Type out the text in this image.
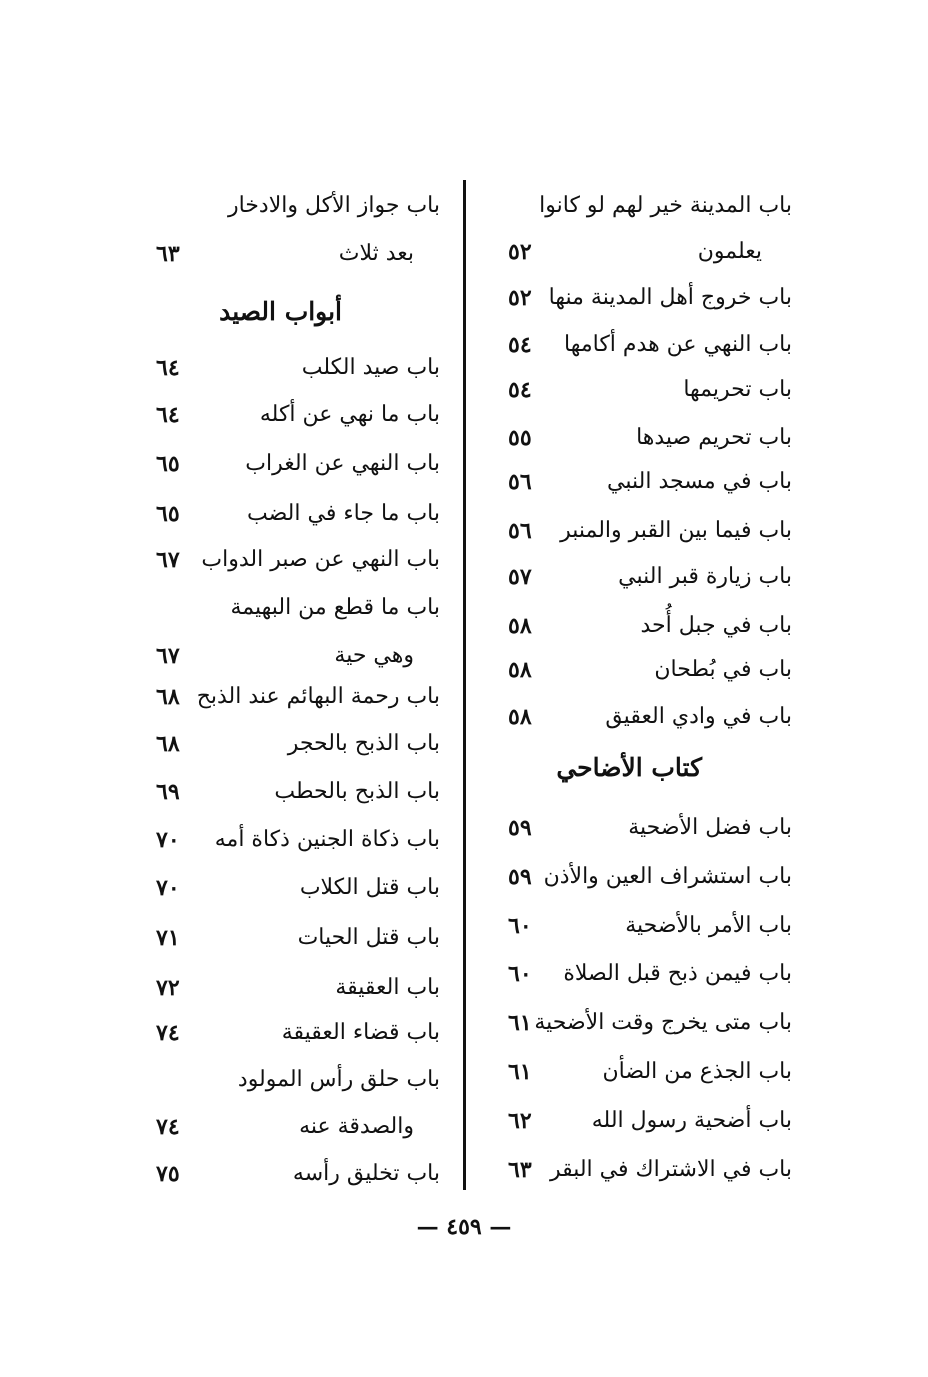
باب المدينة خير لهم لو كانوا
يعلمون
٥٢
باب خروج أهل المدينة منها
٥٢
باب النهي عن هدم أكامها
٥٤
باب تحريمها
٥٤
باب تحريم صيدها
٥٥
باب في مسجد النبي
٥٦
باب فيما بين القبر والمنبر
٥٦
باب زيارة قبر النبي
٥٧
باب في جبل أُحد
٥٨
باب في بُطحان
٥٨
باب في وادي العقيق
٥٨
كتاب الأضاحي
باب فضل الأضحية
٥٩
باب استشراف العين والأذن
٥٩
باب الأمر بالأضحية
٦٠
باب فيمن ذبح قبل الصلاة
٦٠
باب متى يخرج وقت الأضحية
٦١
باب الجذع من الضأن
٦١
باب أضحية رسول الله
٦٢
باب في الاشتراك في البقر
٦٣
باب جواز الأكل والادخار
بعد ثلاث
٦٣
أبواب الصيد
باب صيد الكلب
٦٤
باب ما نهي عن أكله
٦٤
باب النهي عن الغراب
٦٥
باب ما جاء في الضب
٦٥
باب النهي عن صبر الدواب
٦٧
باب ما قطع من البهيمة
وهي حية
٦٧
باب رحمة البهائم عند الذبح
٦٨
باب الذبح بالحجر
٦٨
باب الذبح بالحطب
٦٩
باب ذكاة الجنين ذكاة أمه
٧٠
باب قتل الكلاب
٧٠
باب قتل الحيات
٧١
باب العقيقة
٧٢
باب قضاء العقيقة
٧٤
باب حلق رأس المولود
والصدقة عنه
٧٤
باب تخليق رأسه
٧٥
— ٤٥٩ —
